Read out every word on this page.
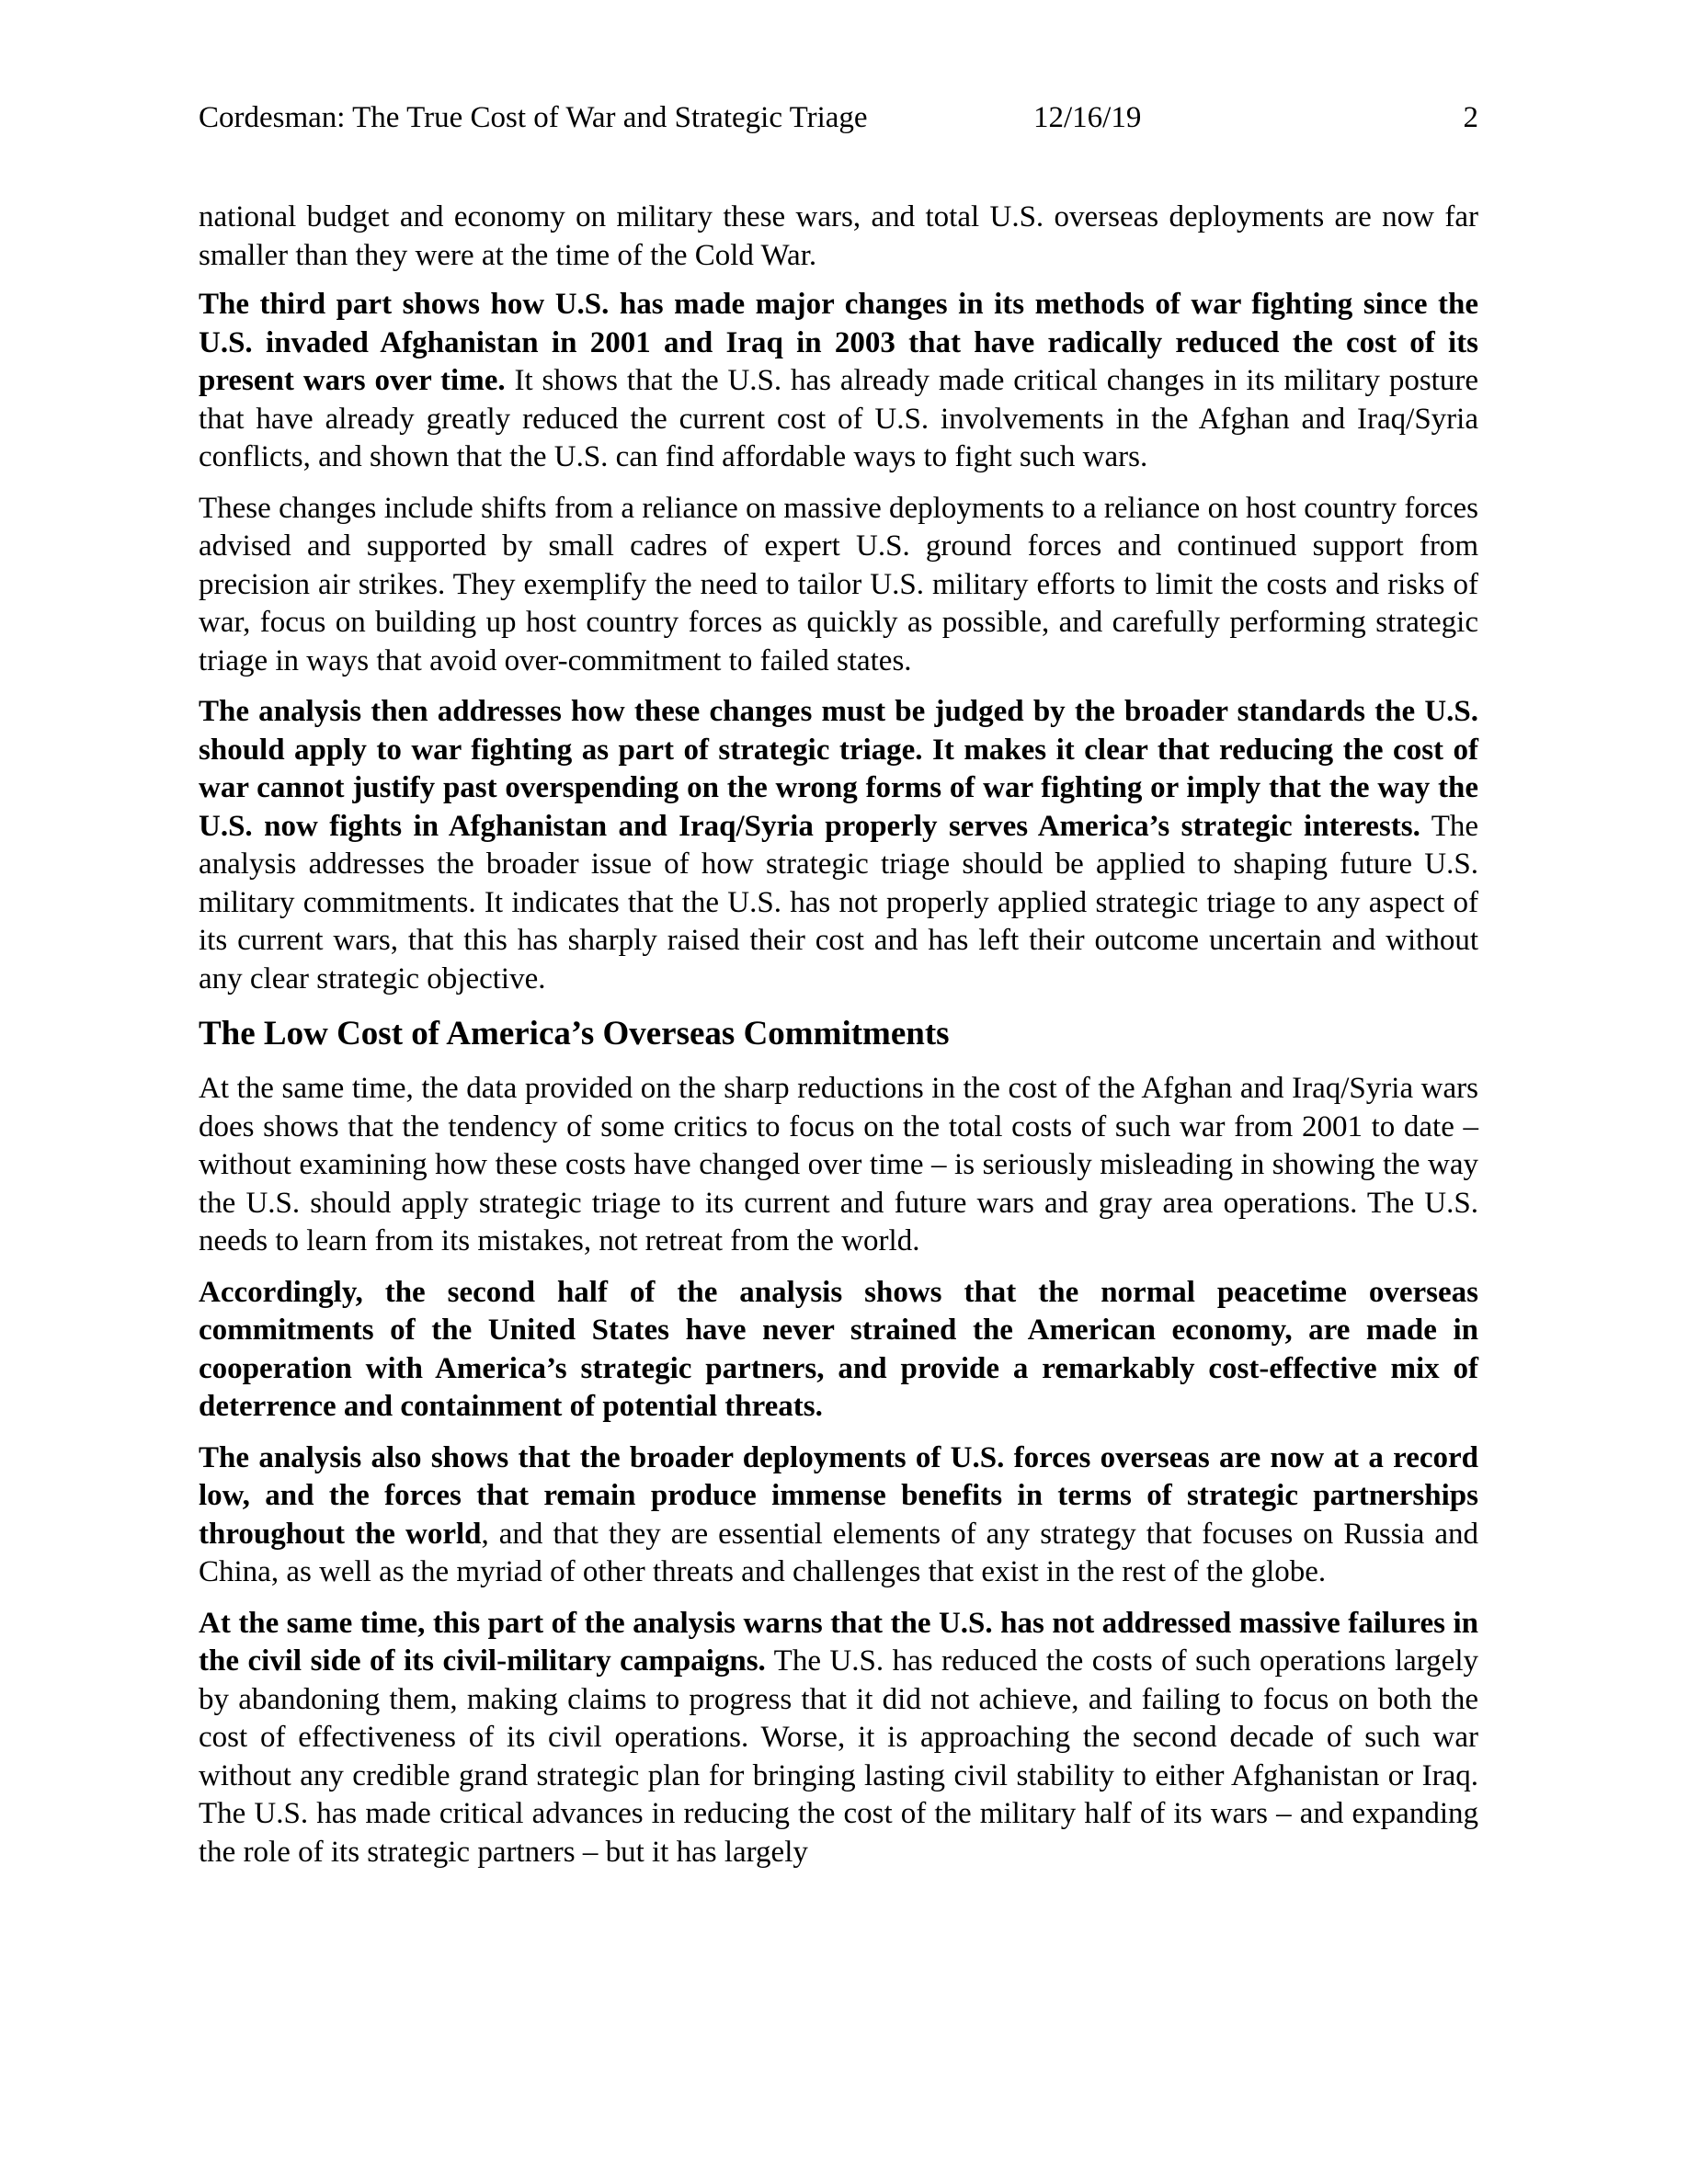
Cordesman: The True Cost of War and Strategic Triage	12/16/19	2

national budget and economy on military these wars, and total U.S. overseas deployments are now far smaller than they were at the time of the Cold War.

The third part shows how U.S. has made major changes in its methods of war fighting since the U.S. invaded Afghanistan in 2001 and Iraq in 2003 that have radically reduced the cost of its present wars over time. It shows that the U.S. has already made critical changes in its military posture that have already greatly reduced the current cost of U.S. involvements in the Afghan and Iraq/Syria conflicts, and shown that the U.S. can find affordable ways to fight such wars.

These changes include shifts from a reliance on massive deployments to a reliance on host country forces advised and supported by small cadres of expert U.S. ground forces and continued support from precision air strikes. They exemplify the need to tailor U.S. military efforts to limit the costs and risks of war, focus on building up host country forces as quickly as possible, and carefully performing strategic triage in ways that avoid over-commitment to failed states.

The analysis then addresses how these changes must be judged by the broader standards the U.S. should apply to war fighting as part of strategic triage. It makes it clear that reducing the cost of war cannot justify past overspending on the wrong forms of war fighting or imply that the way the U.S. now fights in Afghanistan and Iraq/Syria properly serves America’s strategic interests. The analysis addresses the broader issue of how strategic triage should be applied to shaping future U.S. military commitments. It indicates that the U.S. has not properly applied strategic triage to any aspect of its current wars, that this has sharply raised their cost and has left their outcome uncertain and without any clear strategic objective.

The Low Cost of America’s Overseas Commitments

At the same time, the data provided on the sharp reductions in the cost of the Afghan and Iraq/Syria wars does shows that the tendency of some critics to focus on the total costs of such war from 2001 to date – without examining how these costs have changed over time – is seriously misleading in showing the way the U.S. should apply strategic triage to its current and future wars and gray area operations. The U.S. needs to learn from its mistakes, not retreat from the world.

Accordingly, the second half of the analysis shows that the normal peacetime overseas commitments of the United States have never strained the American economy, are made in cooperation with America’s strategic partners, and provide a remarkably cost-effective mix of deterrence and containment of potential threats.

The analysis also shows that the broader deployments of U.S. forces overseas are now at a record low, and the forces that remain produce immense benefits in terms of strategic partnerships throughout the world, and that they are essential elements of any strategy that focuses on Russia and China, as well as the myriad of other threats and challenges that exist in the rest of the globe.

At the same time, this part of the analysis warns that the U.S. has not addressed massive failures in the civil side of its civil-military campaigns. The U.S. has reduced the costs of such operations largely by abandoning them, making claims to progress that it did not achieve, and failing to focus on both the cost of effectiveness of its civil operations. Worse, it is approaching the second decade of such war without any credible grand strategic plan for bringing lasting civil stability to either Afghanistan or Iraq. The U.S. has made critical advances in reducing the cost of the military half of its wars – and expanding the role of its strategic partners – but it has largely
